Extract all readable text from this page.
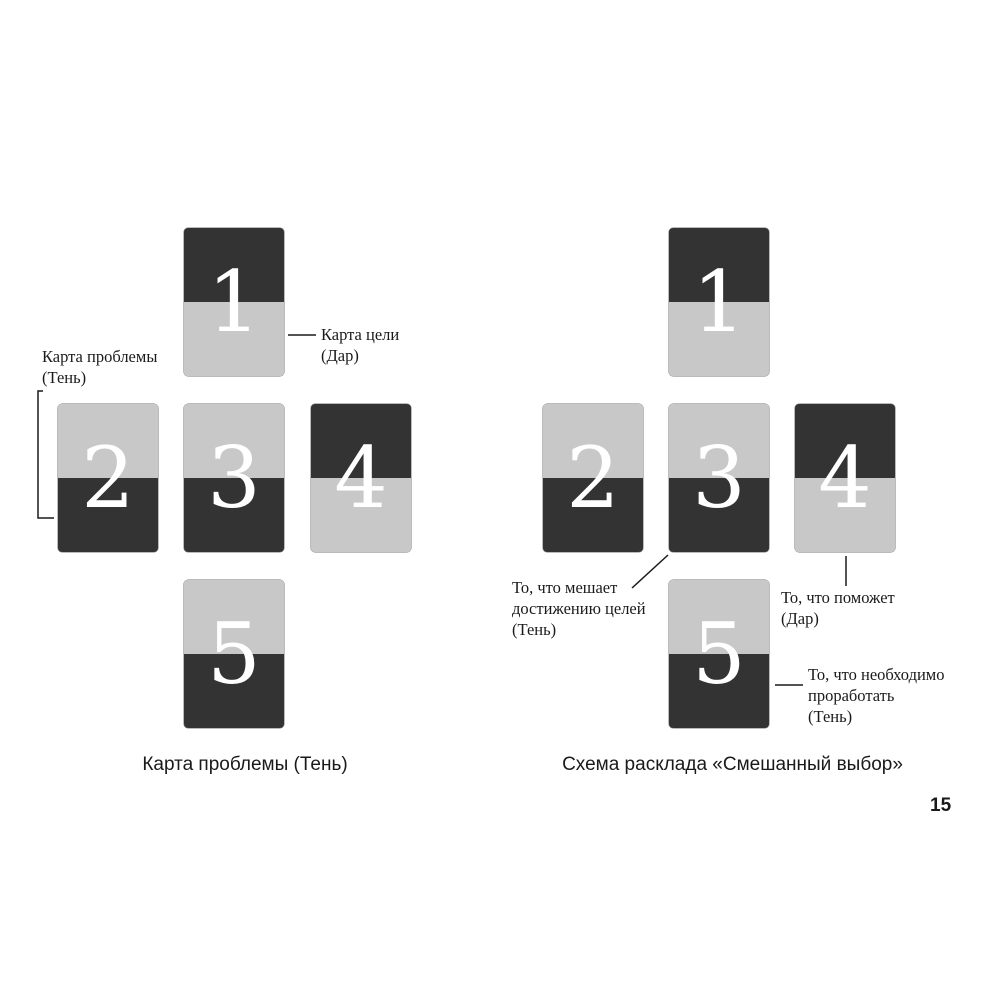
1
2 3 4
5
Карта цели
(Дар)
Карта проблемы
(Тень)
Карта проблемы (Тень)
1
2 3 4
5
То, что мешает
достижению целей
(Тень)
То, что поможет
(Дар)
То, что необходимо
проработать
(Тень)
Схема расклада «Смешанный выбор»
15
